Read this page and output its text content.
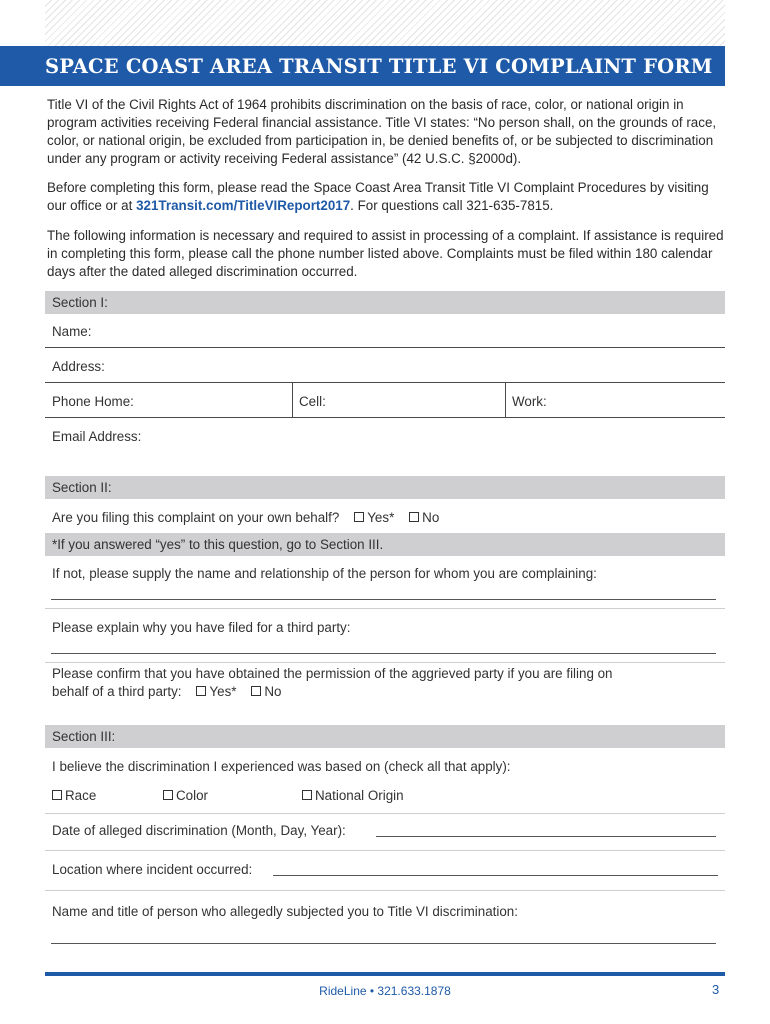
SPACE COAST AREA TRANSIT TITLE VI COMPLAINT FORM

Title VI of the Civil Rights Act of 1964 prohibits discrimination on the basis of race, color, or national origin in program activities receiving Federal financial assistance. Title VI states: “No person shall, on the grounds of race, color, or national origin, be excluded from participation in, be denied benefits of, or be subjected to discrimination under any program or activity receiving Federal assistance” (42 U.S.C. §2000d).

Before completing this form, please read the Space Coast Area Transit Title VI Complaint Procedures by visiting our office or at 321Transit.com/TitleVIReport2017. For questions call 321-635-7815.

The following information is necessary and required to assist in processing of a complaint. If assistance is required in completing this form, please call the phone number listed above. Complaints must be filed within 180 calendar days after the dated alleged discrimination occurred.

Section I:
Name:
Address:
Phone Home:	Cell:	Work:
Email Address:
Section II:
Are you filing this complaint on your own behalf? Yes* No
*If you answered “yes” to this question, go to Section III.
If not, please supply the name and relationship of the person for whom you are complaining:
Please explain why you have filed for a third party:
Please confirm that you have obtained the permission of the aggrieved party if you are filing on
behalf of a third party: Yes* No
Section III:
I believe the discrimination I experienced was based on (check all that apply):
Race	Color	National Origin
Date of alleged discrimination (Month, Day, Year):
Location where incident occurred:
Name and title of person who allegedly subjected you to Title VI discrimination:
RideLine • 321.633.1878	3
